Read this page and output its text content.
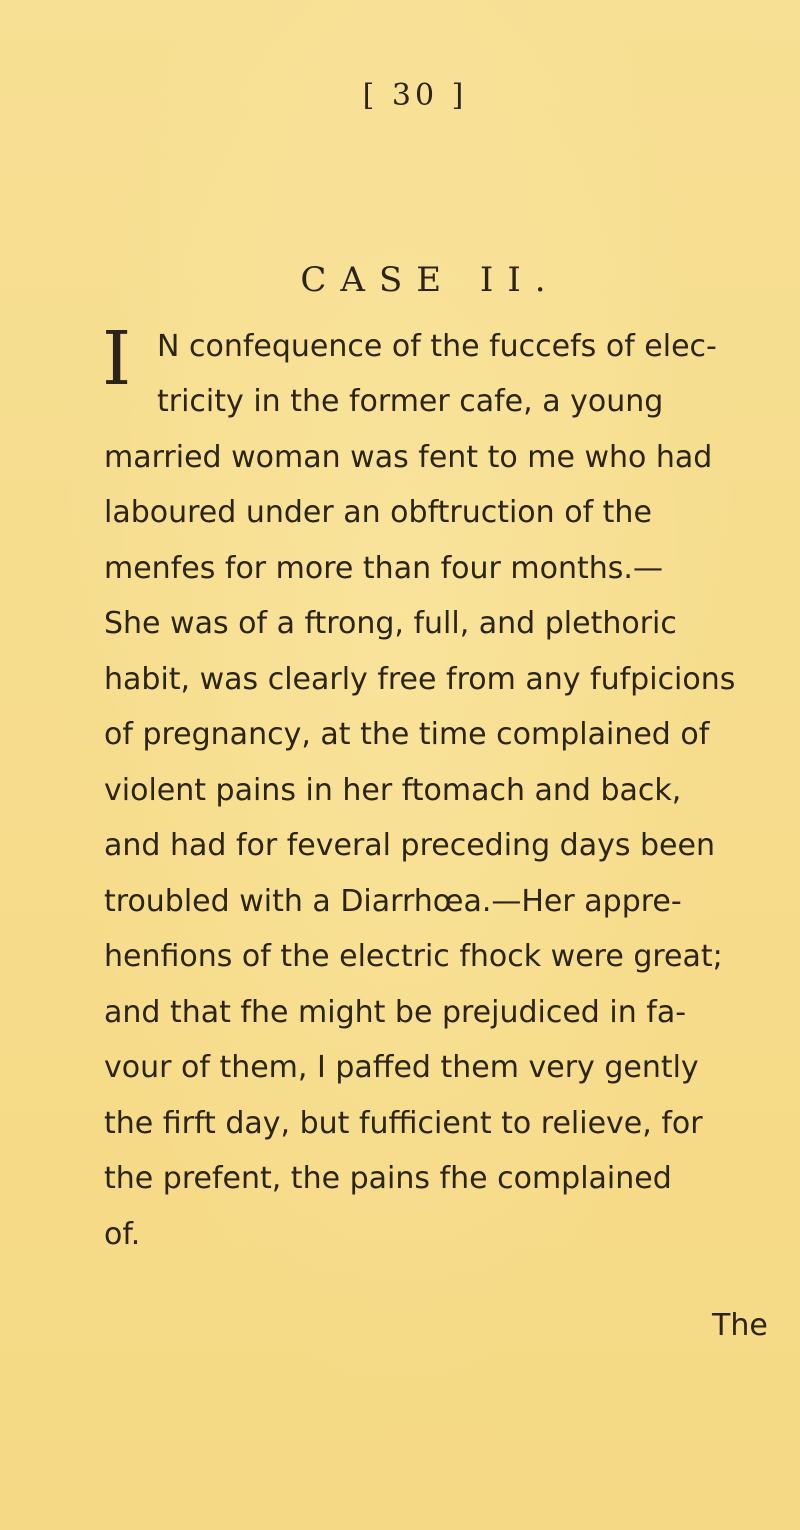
[ 30 ]
CASE II.
I N confequence of the fuccefs of elec-
tricity in the former cafe, a young
married woman was fent to me who had
laboured under an obftruction of the
menfes for more than four months.—
She was of a ftrong, full, and plethoric
habit, was clearly free from any fufpicions
of pregnancy, at the time complained of
violent pains in her ftomach and back,
and had for feveral preceding days been
troubled with a Diarrhœa.—Her appre-
henfions of the electric fhock were great;
and that fhe might be prejudiced in fa-
vour of them, I paffed them very gently
the firft day, but fufficient to relieve, for
the prefent, the pains fhe complained
of.
The
